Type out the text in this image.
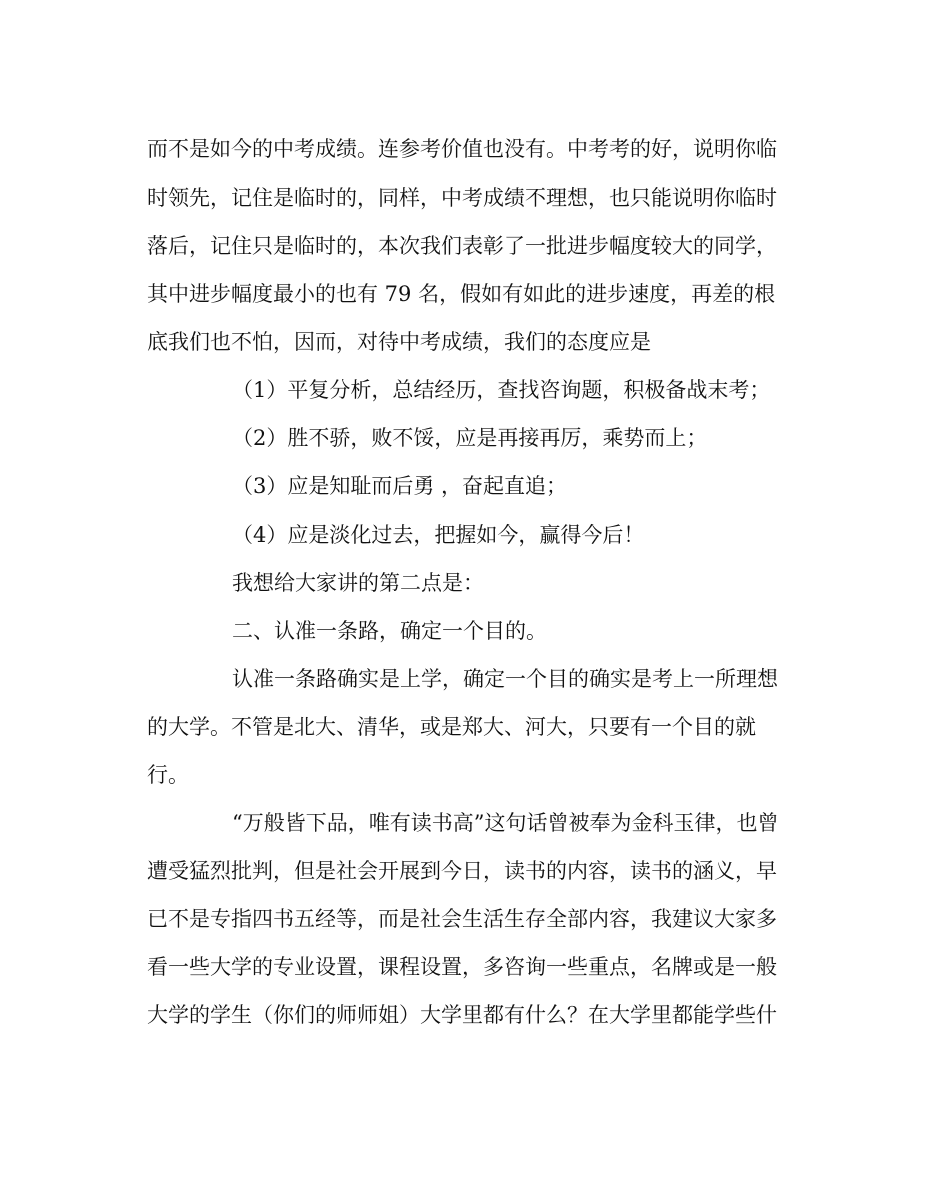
而不是如今的中考成绩。连参考价值也没有。中考考的好，说明你临
时领先，记住是临时的，同样，中考成绩不理想，也只能说明你临时
落后，记住只是临时的，本次我们表彰了一批进步幅度较大的同学，
其中进步幅度最小的也有 79 名，假如有如此的进步速度，再差的根
底我们也不怕，因而，对待中考成绩，我们的态度应是
（1）平复分析，总结经历，查找咨询题，积极备战末考；
（2）胜不骄，败不馁，应是再接再厉，乘势而上；
（3）应是知耻而后勇 ，奋起直追；
（4）应是淡化过去，把握如今，赢得今后！
我想给大家讲的第二点是：
二、认准一条路，确定一个目的。
认准一条路确实是上学，确定一个目的确实是考上一所理想
的大学。不管是北大、清华，或是郑大、河大，只要有一个目的就
行。
“万般皆下品，唯有读书高”这句话曾被奉为金科玉律，也曾
遭受猛烈批判，但是社会开展到今日，读书的内容，读书的涵义，早
已不是专指四书五经等，而是社会生活生存全部内容，我建议大家多
看一些大学的专业设置，课程设置，多咨询一些重点，名牌或是一般
大学的学生（你们的师师姐）大学里都有什么？在大学里都能学些什
